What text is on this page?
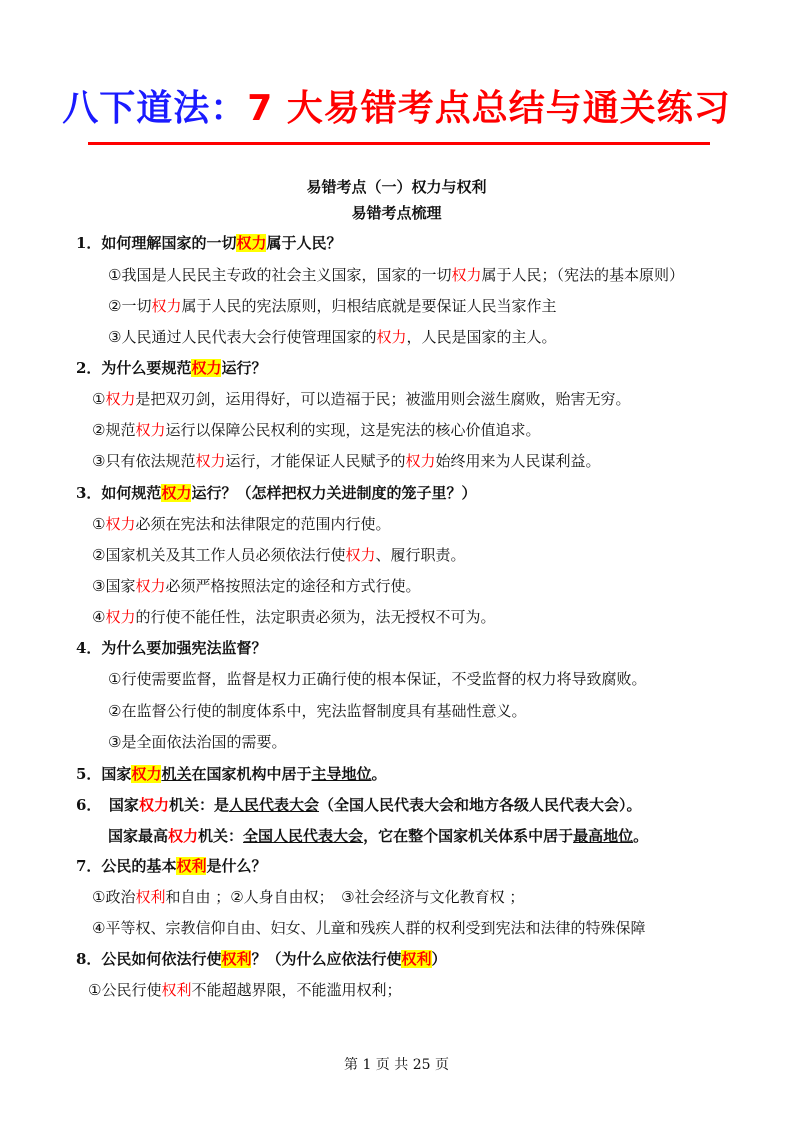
八下道法：7 大易错考点总结与通关练习
易错考点（一）权力与权利
易错考点梳理
1．如何理解国家的一切权力属于人民？
①我国是人民民主专政的社会主义国家，国家的一切权力属于人民；（宪法的基本原则）
②一切权力属于人民的宪法原则，归根结底就是要保证人民当家作主
③人民通过人民代表大会行使管理国家的权力，人民是国家的主人。
2．为什么要规范权力运行？
①权力是把双刃剑，运用得好，可以造福于民；被滥用则会滋生腐败，贻害无穷。
②规范权力运行以保障公民权利的实现，这是宪法的核心价值追求。
③只有依法规范权力运行，才能保证人民赋予的权力始终用来为人民谋利益。
3．如何规范权力运行？（怎样把权力关进制度的笼子里？）
①权力必须在宪法和法律限定的范围内行使。
②国家机关及其工作人员必须依法行使权力、履行职责。
③国家权力必须严格按照法定的途径和方式行使。
④权力的行使不能任性，法定职责必须为，法无授权不可为。
4．为什么要加强宪法监督？
①行使需要监督，监督是权力正确行使的根本保证，不受监督的权力将导致腐败。
②在监督公行使的制度体系中，宪法监督制度具有基础性意义。
③是全面依法治国的需要。
5．国家权力机关在国家机构中居于主导地位。
6．　国家权力机关：是人民代表大会（全国人民代表大会和地方各级人民代表大会）。
国家最高权力机关：全国人民代表大会，它在整个国家机关体系中居于最高地位。
7．公民的基本权利是什么？
①政治权利和自由 ；②人身自由权；　③社会经济与文化教育权 ；
④平等权、宗教信仰自由、妇女、儿童和残疾人群的权利受到宪法和法律的特殊保障
8．公民如何依法行使权利？（为什么应依法行使权利）
①公民行使权利不能超越界限，不能滥用权利；
第 1 页 共 25 页
